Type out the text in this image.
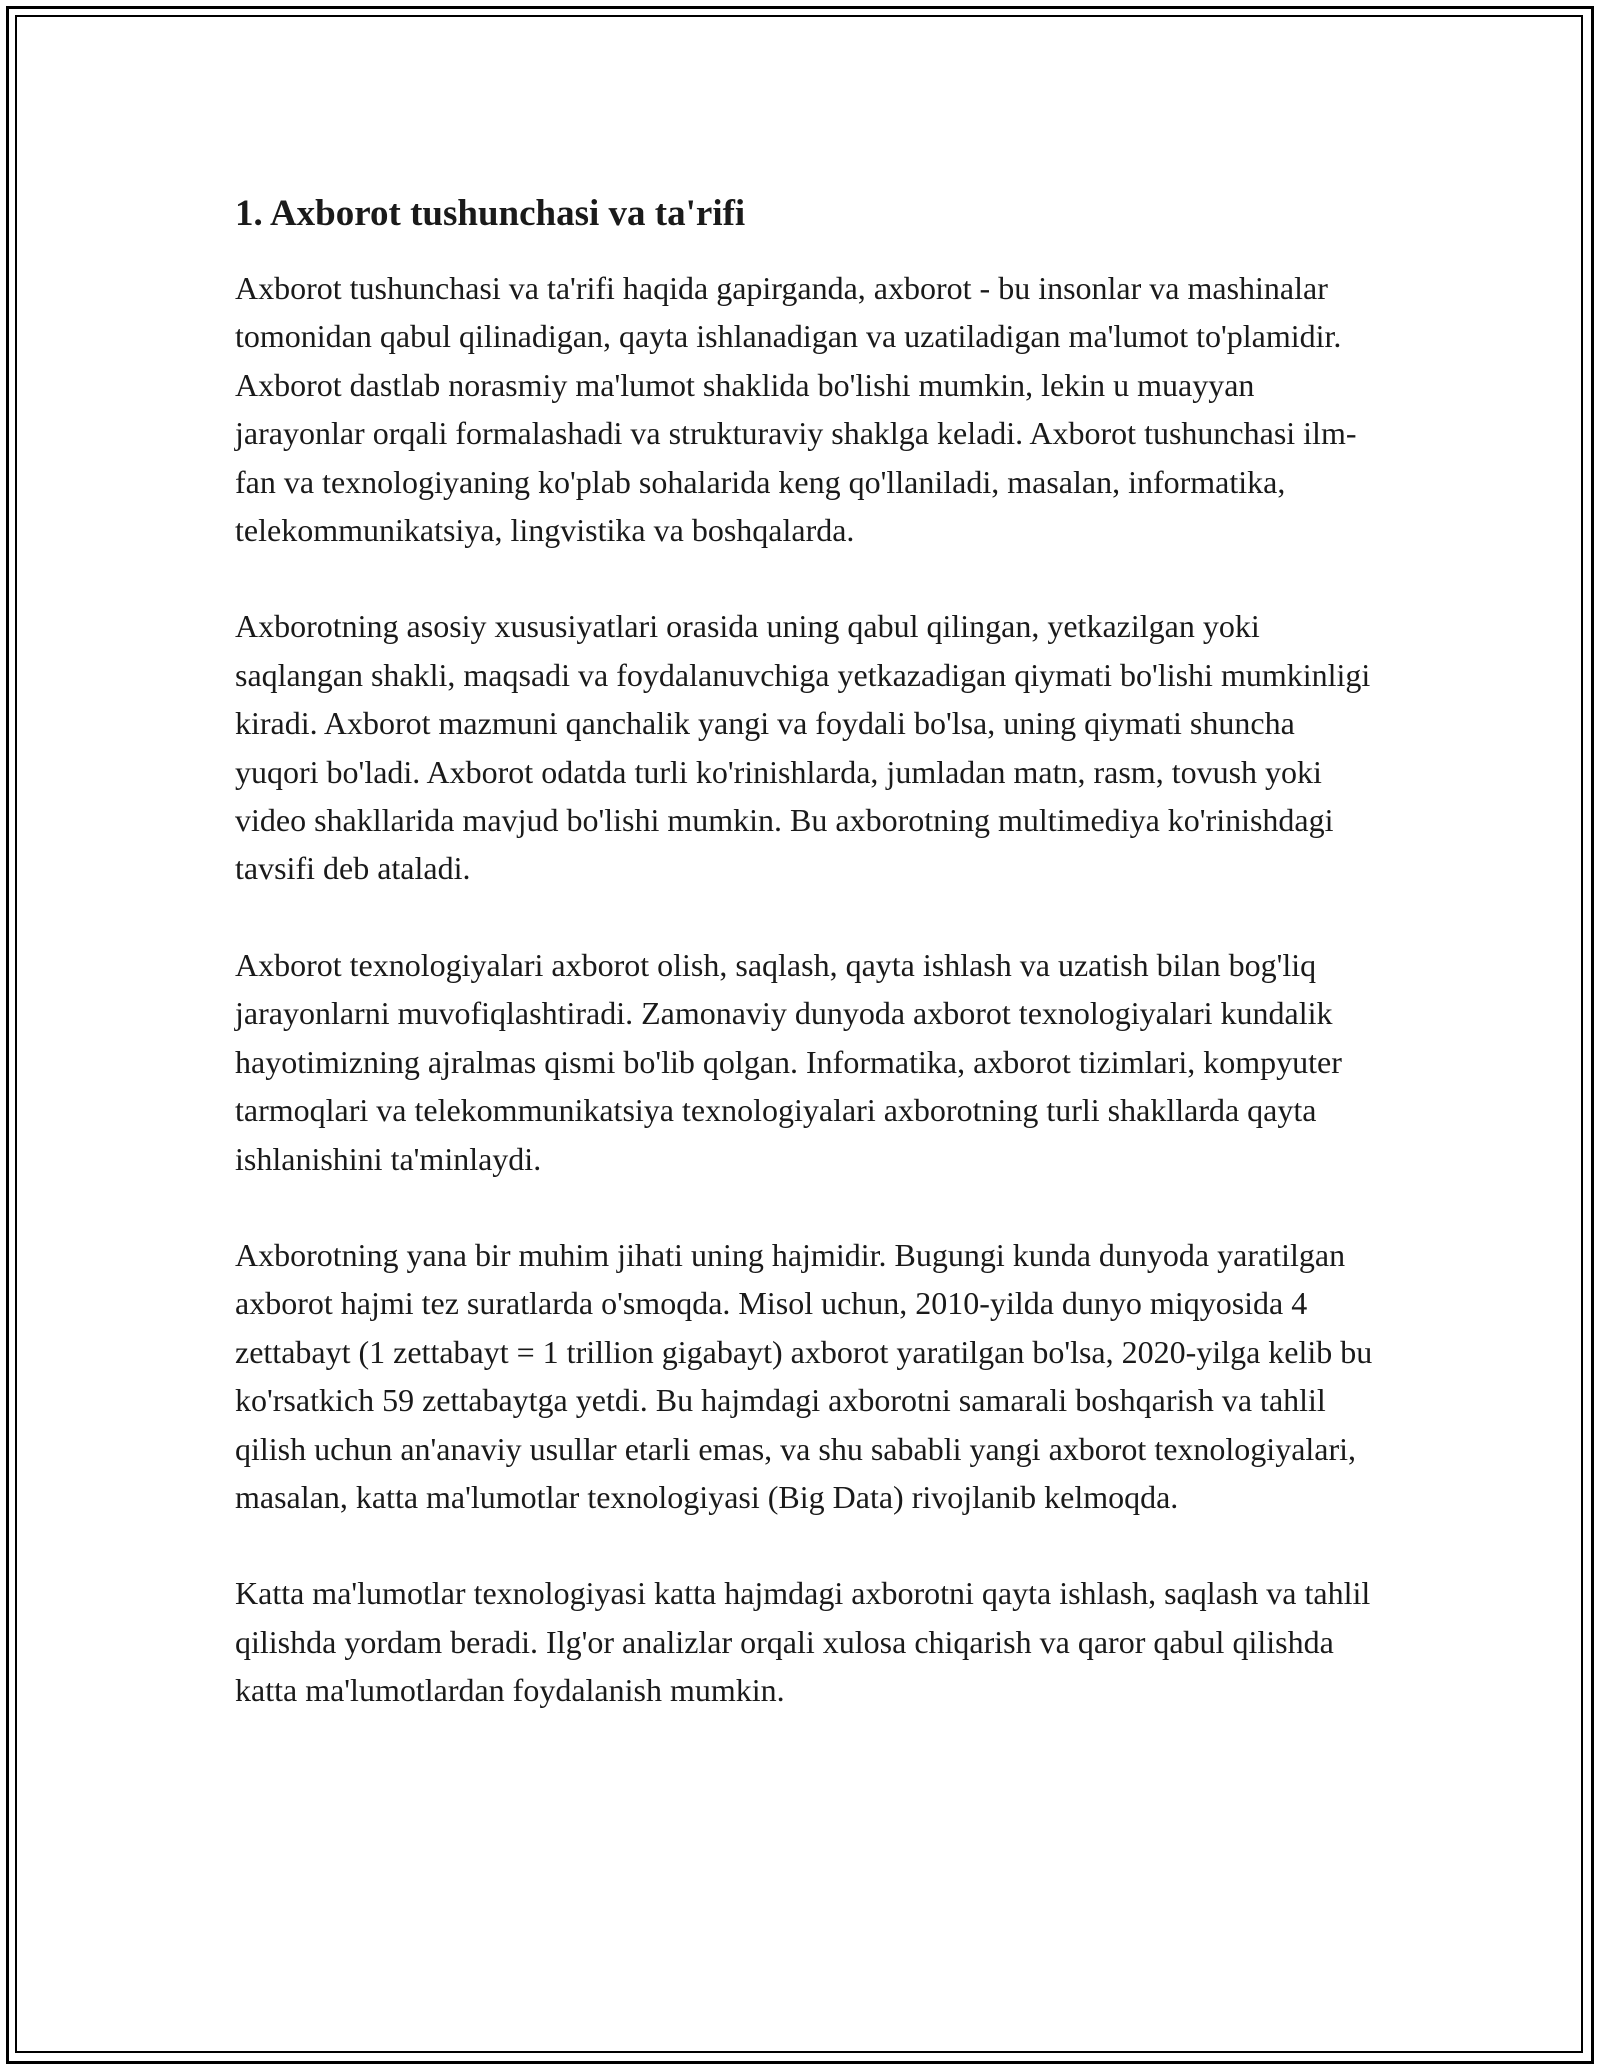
1. Axborot tushunchasi va ta'rifi

Axborot tushunchasi va ta'rifi haqida gapirganda, axborot - bu insonlar va mashinalar tomonidan qabul qilinadigan, qayta ishlanadigan va uzatiladigan ma'lumot to'plamidir. Axborot dastlab norasmiy ma'lumot shaklida bo'lishi mumkin, lekin u muayyan jarayonlar orqali formalashadi va strukturaviy shaklga keladi. Axborot tushunchasi ilm-fan va texnologiyaning ko'plab sohalarida keng qo'llaniladi, masalan, informatika, telekommunikatsiya, lingvistika va boshqalarda.

Axborotning asosiy xususiyatlari orasida uning qabul qilingan, yetkazilgan yoki saqlangan shakli, maqsadi va foydalanuvchiga yetkazadigan qiymati bo'lishi mumkinligi kiradi. Axborot mazmuni qanchalik yangi va foydali bo'lsa, uning qiymati shuncha yuqori bo'ladi. Axborot odatda turli ko'rinishlarda, jumladan matn, rasm, tovush yoki video shakllarida mavjud bo'lishi mumkin. Bu axborotning multimediya ko'rinishdagi tavsifi deb ataladi.

Axborot texnologiyalari axborot olish, saqlash, qayta ishlash va uzatish bilan bog'liq jarayonlarni muvofiqlashtiradi. Zamonaviy dunyoda axborot texnologiyalari kundalik hayotimizning ajralmas qismi bo'lib qolgan. Informatika, axborot tizimlari, kompyuter tarmoqlari va telekommunikatsiya texnologiyalari axborotning turli shakllarda qayta ishlanishini ta'minlaydi.

Axborotning yana bir muhim jihati uning hajmidir. Bugungi kunda dunyoda yaratilgan axborot hajmi tez suratlarda o'smoqda. Misol uchun, 2010-yilda dunyo miqyosida 4 zettabayt (1 zettabayt = 1 trillion gigabayt) axborot yaratilgan bo'lsa, 2020-yilga kelib bu ko'rsatkich 59 zettabaytga yetdi. Bu hajmdagi axborotni samarali boshqarish va tahlil qilish uchun an'anaviy usullar etarli emas, va shu sababli yangi axborot texnologiyalari, masalan, katta ma'lumotlar texnologiyasi (Big Data) rivojlanib kelmoqda.

Katta ma'lumotlar texnologiyasi katta hajmdagi axborotni qayta ishlash, saqlash va tahlil qilishda yordam beradi. Ilg'or analizlar orqali xulosa chiqarish va qaror qabul qilishda katta ma'lumotlardan foydalanish mumkin.
